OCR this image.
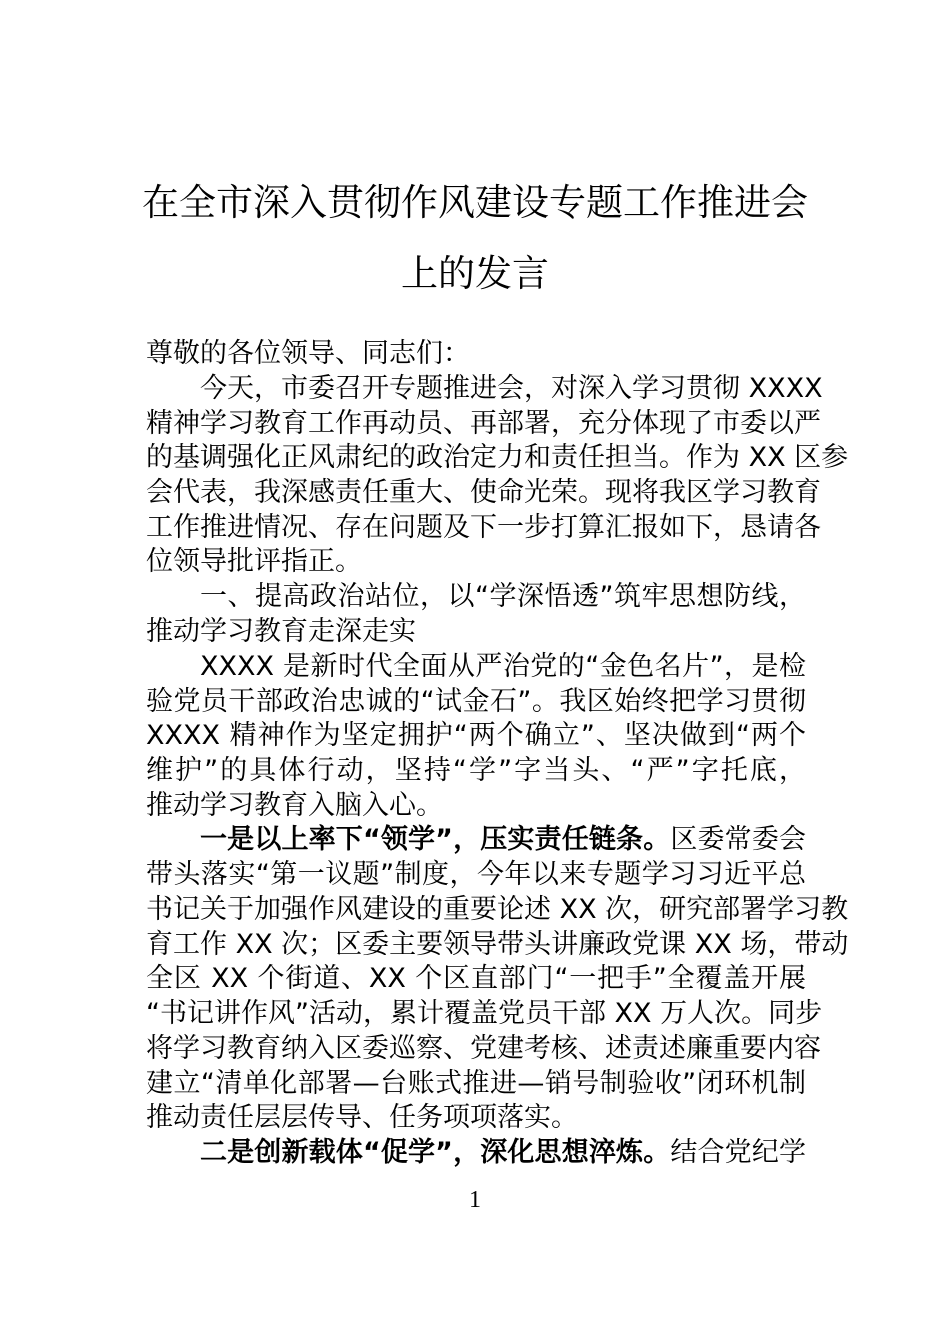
在全市深入贯彻作风建设专题工作推进会
上的发言
尊敬的各位领导、同志们：
今天，市委召开专题推进会，对深入学习贯彻 XXXX
精神学习教育工作再动员、再部署，充分体现了市委以严
的基调强化正风肃纪的政治定力和责任担当。作为 XX 区参
会代表，我深感责任重大、使命光荣。现将我区学习教育
工作推进情况、存在问题及下一步打算汇报如下，恳请各
位领导批评指正。
一、提高政治站位，以“学深悟透”筑牢思想防线，
推动学习教育走深走实
XXXX 是新时代全面从严治党的“金色名片”，是检
验党员干部政治忠诚的“试金石”。我区始终把学习贯彻
XXXX 精神作为坚定拥护“两个确立”、坚决做到“两个
维护”的具体行动，坚持“学”字当头、“严”字托底，
推动学习教育入脑入心。
一是以上率下“领学”，压实责任链条。区委常委会
带头落实“第一议题”制度，今年以来专题学习习近平总
书记关于加强作风建设的重要论述 XX 次，研究部署学习教
育工作 XX 次；区委主要领导带头讲廉政党课 XX 场，带动
全区 XX 个街道、XX 个区直部门“一把手”全覆盖开展
“书记讲作风”活动，累计覆盖党员干部 XX 万人次。同步
将学习教育纳入区委巡察、党建考核、述责述廉重要内容
建立“清单化部署—台账式推进—销号制验收”闭环机制
推动责任层层传导、任务项项落实。
二是创新载体“促学”，深化思想淬炼。结合党纪学
1
